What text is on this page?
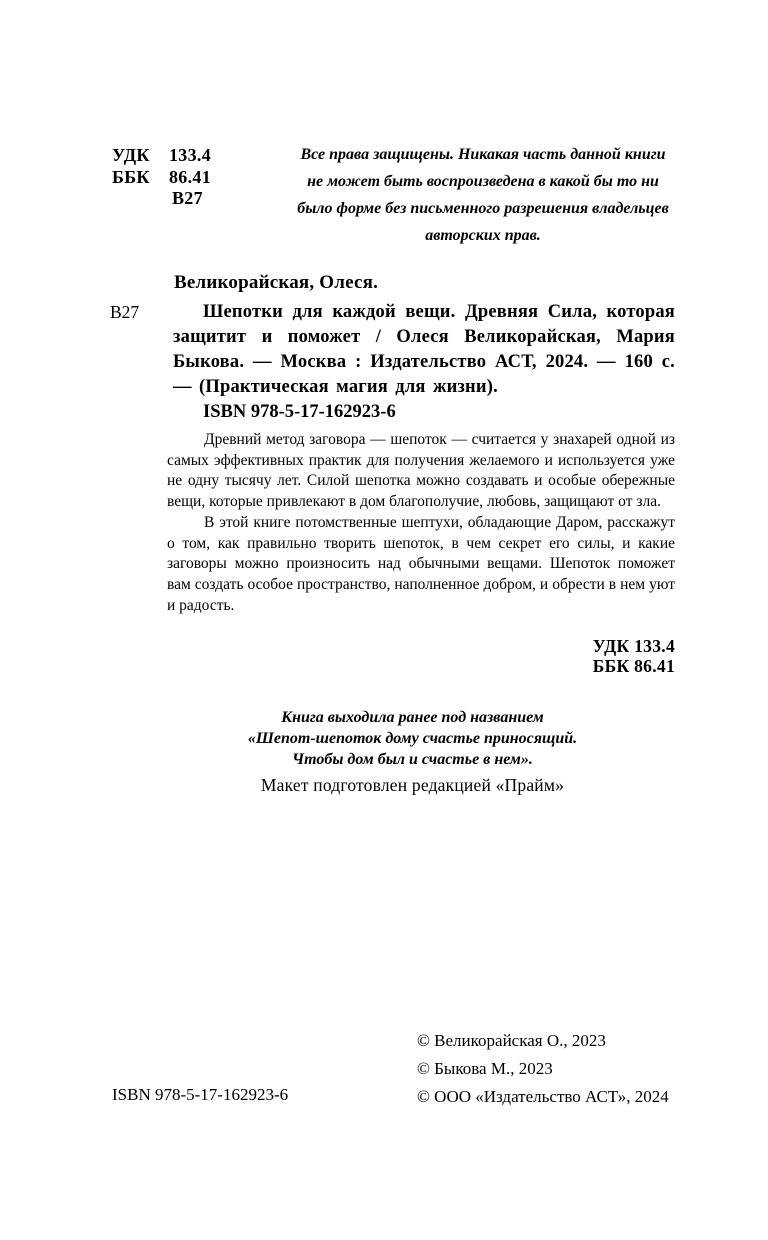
УДК	133.4
ББК	86.41
В27
Все права защищены. Никакая часть данной книги
не может быть воспроизведена в какой бы то ни
было форме без письменного разрешения владельцев
авторских прав.
Великорайская, Олеся.
В27	Шепотки для каждой вещи. Древняя Сила, которая защитит и поможет / Олеся Великорайская, Мария Быкова. — Москва : Издательство АСТ, 2024. — 160 с. — (Практическая магия для жизни).

ISBN 978-5-17-162923-6

Древний метод заговора — шепоток — считается у знахарей одной из самых эффективных практик для получения желаемого и используется уже не одну тысячу лет. Силой шепотка можно создавать и особые обережные вещи, которые привлекают в дом благополучие, любовь, защищают от зла.

В этой книге потомственные шептухи, обладающие Даром, расскажут о том, как правильно творить шепоток, в чем секрет его силы, и какие заговоры можно произносить над обычными вещами. Шепоток поможет вам создать особое пространство, наполненное добром, и обрести в нем уют и радость.

УДК 133.4
ББК 86.41
Книга выходила ранее под названием
«Шепот-шепоток дому счастье приносящий.
Чтобы дом был и счастье в нем».
Макет подготовлен редакцией «Прайм»
© Великорайская О., 2023
© Быкова М., 2023
© ООО «Издательство АСТ», 2024
ISBN 978-5-17-162923-6
